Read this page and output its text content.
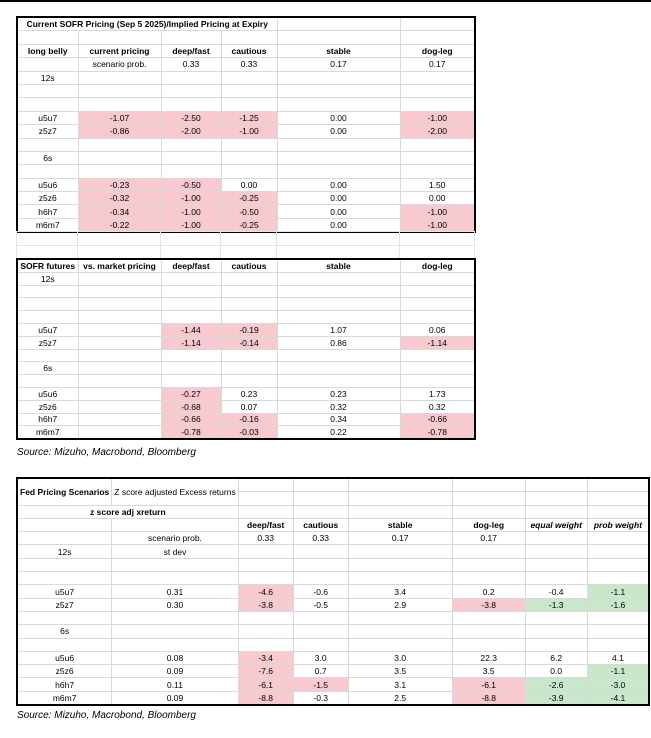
Current SOFR Pricing (Sep 5 2025)/Implied Pricing at Expiry					

long belly	current pricing	deep/fast	cautious	stable	dog-leg
	scenario prob.	0.33	0.33	0.17	0.17
12s					

u5u7	-1.07	-2.50	-1.25	0.00	-1.00
z5z7	-0.86	-2.00	-1.00	0.00	-2.00

6s					

u5u6	-0.23	-0.50	0.00	0.00	1.50
z5z6	-0.32	-1.00	-0.25	0.00	0.00
h6h7	-0.34	-1.00	-0.50	0.00	-1.00
m6m7	-0.22	-1.00	-0.25	0.00	-1.00

SOFR futures	vs. market pricing	deep/fast	cautious	stable	dog-leg
12s					

u5u7		-1.44	-0.19	1.07	0.06
z5z7		-1.14	-0.14	0.86	-1.14

6s					

u5u6		-0.27	0.23	0.23	1.73
z5z6		-0.68	0.07	0.32	0.32
h6h7		-0.66	-0.16	0.34	-0.66
m6m7		-0.78	-0.03	0.22	-0.78
Source: Mizuho, Macrobond, Bloomberg
Fed Pricing Scenarios	Z score adjusted Excess returns						

z score adj xreturn							
		deep/fast	cautious	stable	dog-leg	equal weight	prob weight
	scenario prob.	0.33	0.33	0.17	0.17		
12s	st dev						

u5u7	0.31	-4.6	-0.6	3.4	0.2	-0.4	-1.1
z5z7	0.30	-3.8	-0.5	2.9	-3.8	-1.3	-1.6

6s							

u5u6	0.08	-3.4	3.0	3.0	22.3	6.2	4.1
z5z6	0.09	-7.6	0.7	3.5	3.5	0.0	-1.1
h6h7	0.11	-6.1	-1.5	3.1	-6.1	-2.6	-3.0
m6m7	0.09	-8.8	-0.3	2.5	-8.8	-3.9	-4.1
Source: Mizuho, Macrobond, Bloomberg
